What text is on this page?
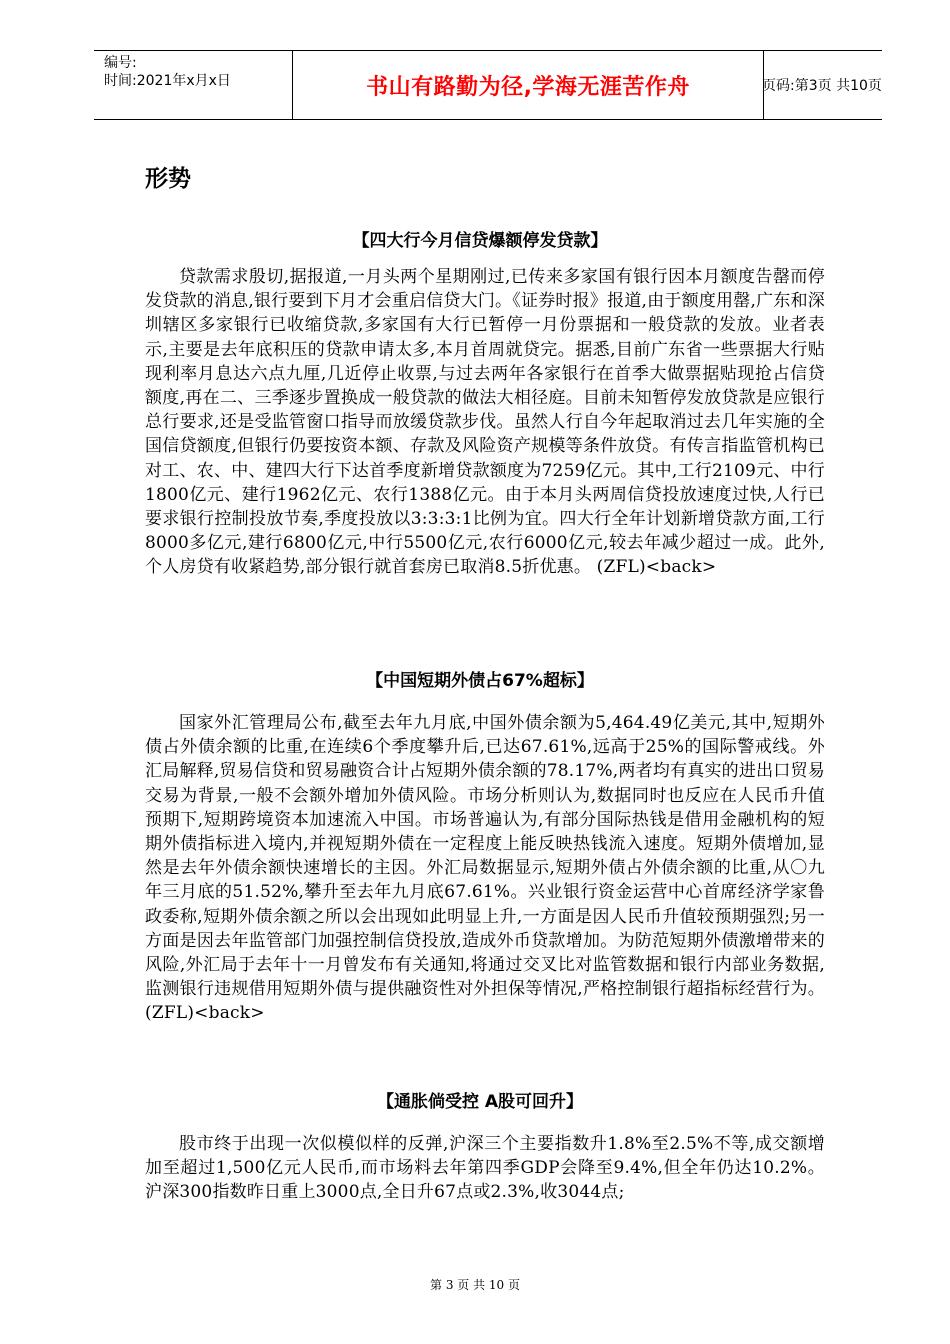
编号:
时间:2021年x月x日	书山有路勤为径,学海无涯苦作舟	页码:第3页 共10页
形势
【四大行今月信贷爆额停发贷款】
贷款需求殷切,据报道,一月头两个星期刚过,已传来多家国有银行因本月额度告罄而停发贷款的消息,银行要到下月才会重启信贷大门。《证券时报》报道,由于额度用罄,广东和深圳辖区多家银行已收缩贷款,多家国有大行已暂停一月份票据和一般贷款的发放。业者表示,主要是去年底积压的贷款申请太多,本月首周就贷完。据悉,目前广东省一些票据大行贴现利率月息达六点九厘,几近停止收票,与过去两年各家银行在首季大做票据贴现抢占信贷额度,再在二、三季逐步置换成一般贷款的做法大相径庭。目前未知暂停发放贷款是应银行总行要求,还是受监管窗口指导而放缓贷款步伐。虽然人行自今年起取消过去几年实施的全国信贷额度,但银行仍要按资本额、存款及风险资产规模等条件放贷。有传言指监管机构已对工、农、中、建四大行下达首季度新增贷款额度为7259亿元。其中,工行2109元、中行1800亿元、建行1962亿元、农行1388亿元。由于本月头两周信贷投放速度过快,人行已要求银行控制投放节奏,季度投放以3:3:3:1比例为宜。四大行全年计划新增贷款方面,工行8000多亿元,建行6800亿元,中行5500亿元,农行6000亿元,较去年减少超过一成。此外,个人房贷有收紧趋势,部分银行就首套房已取消8.5折优惠。 (ZFL)<back>
【中国短期外债占67%超标】
国家外汇管理局公布,截至去年九月底,中国外债余额为5,464.49亿美元,其中,短期外债占外债余额的比重,在连续6个季度攀升后,已达67.61%,远高于25%的国际警戒线。外汇局解释,贸易信贷和贸易融资合计占短期外债余额的78.17%,两者均有真实的进出口贸易交易为背景,一般不会额外增加外债风险。市场分析则认为,数据同时也反应在人民币升值预期下,短期跨境资本加速流入中国。市场普遍认为,有部分国际热钱是借用金融机构的短期外债指标进入境内,并视短期外债在一定程度上能反映热钱流入速度。短期外债增加,显然是去年外债余额快速增长的主因。外汇局数据显示,短期外债占外债余额的比重,从〇九年三月底的51.52%,攀升至去年九月底67.61%。兴业银行资金运营中心首席经济学家鲁政委称,短期外债余额之所以会出现如此明显上升,一方面是因人民币升值较预期强烈;另一方面是因去年监管部门加强控制信贷投放,造成外币贷款增加。为防范短期外债激增带来的风险,外汇局于去年十一月曾发布有关通知,将通过交叉比对监管数据和银行内部业务数据,监测银行违规借用短期外债与提供融资性对外担保等情况,严格控制银行超指标经营行为。 (ZFL)<back>
【通胀倘受控 A股可回升】
股市终于出现一次似模似样的反弹,沪深三个主要指数升1.8%至2.5%不等,成交额增加至超过1,500亿元人民币,而市场料去年第四季GDP会降至9.4%,但全年仍达10.2%。沪深300指数昨日重上3000点,全日升67点或2.3%,收3044点;
第 3 页 共 10 页
